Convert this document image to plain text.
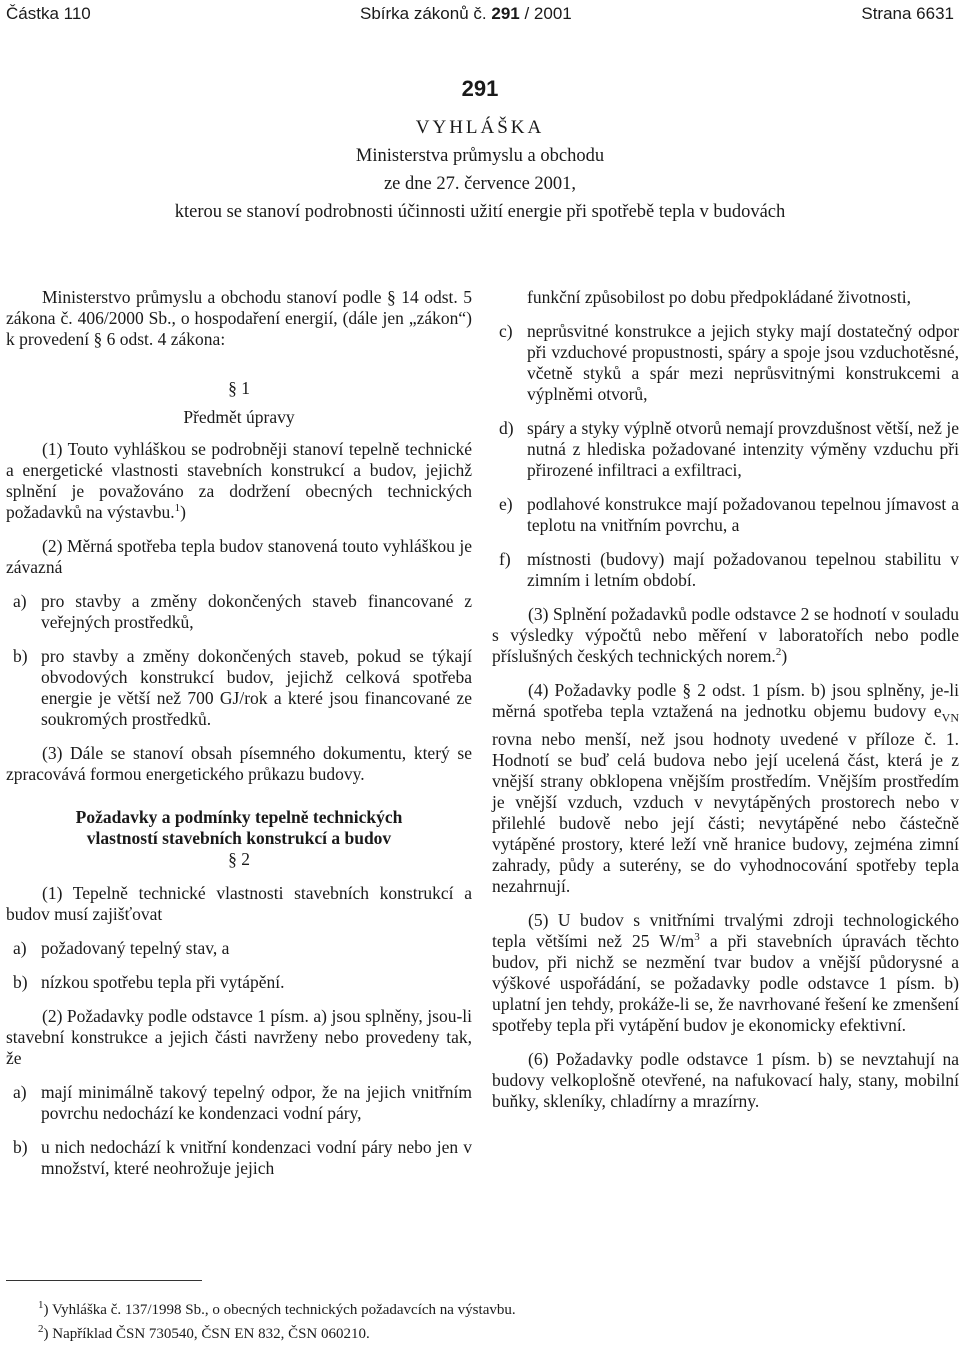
Částka 110	Sbírka zákonů č. 291 / 2001	Strana 6631
291
VYHLÁŠKA
Ministerstva průmyslu a obchodu
ze dne 27. července 2001,
kterou se stanoví podrobnosti účinnosti užití energie při spotřebě tepla v budovách

Ministerstvo průmyslu a obchodu stanoví podle § 14 odst. 5 zákona č. 406/2000 Sb., o hospodaření energií, (dále jen „zákon“) k provedení § 6 odst. 4 zákona:

§ 1

Předmět úpravy

(1) Touto vyhláškou se podrobněji stanoví tepelně technické a energetické vlastnosti stavebních konstrukcí a budov, jejichž splnění je považováno za dodržení obecných technických požadavků na výstavbu.$^1$)

(2) Měrná spotřeba tepla budov stanovená touto vyhláškou je závazná

a) pro stavby a změny dokončených staveb financované z veřejných prostředků,
b) pro stavby a změny dokončených staveb, pokud se týkají obvodových konstrukcí budov, jejichž celková spotřeba energie je větší než 700 GJ/rok a které jsou financované ze soukromých prostředků.

(3) Dále se stanoví obsah písemného dokumentu, který se zpracovává formou energetického průkazu budovy.

Požadavky a podmínky tepelně technických

vlastností stavebních konstrukcí a budov

§ 2

(1) Tepelně technické vlastnosti stavebních konstrukcí a budov musí zajišťovat

a) požadovaný tepelný stav, a
b) nízkou spotřebu tepla při vytápění.

(2) Požadavky podle odstavce 1 písm. a) jsou splněny, jsou-li stavební konstrukce a jejich části navrženy nebo provedeny tak, že

a) mají minimálně takový tepelný odpor, že na jejich vnitřním povrchu nedochází ke kondenzaci vodní páry,
b) u nich nedochází k vnitřní kondenzaci vodní páry nebo jen v množství, které neohrožuje jejich
funkční způsobilost po dobu předpokládané životnosti,
c) neprůsvitné konstrukce a jejich styky mají dostatečný odpor při vzduchové propustnosti, spáry a spoje jsou vzduchotěsné, včetně styků a spár mezi neprůsvitnými konstrukcemi a výplněmi otvorů,
d) spáry a styky výplně otvorů nemají provzdušnost větší, než je nutná z hlediska požadované intenzity výměny vzduchu při přirozené infiltraci a exfiltraci,
e) podlahové konstrukce mají požadovanou tepelnou jímavost a teplotu na vnitřním povrchu, a
f) místnosti (budovy) mají požadovanou tepelnou stabilitu v zimním i letním období.

(3) Splnění požadavků podle odstavce 2 se hodnotí v souladu s výsledky výpočtů nebo měření v laboratořích nebo podle příslušných českých technických norem.$^2$)

(4) Požadavky podle § 2 odst. 1 písm. b) jsou splněny, je-li měrná spotřeba tepla vztažená na jednotku objemu budovy $e_{VN}$ rovna nebo menší, než jsou hodnoty uvedené v příloze č. 1. Hodnotí se buď celá budova nebo její ucelená část, která je z vnější strany obklopena vnějším prostředím. Vnějším prostředím je vnější vzduch, vzduch v nevytápěných prostorech nebo v přilehlé budově nebo její části; nevytápěné nebo částečně vytápěné prostory, které leží vně hranice budovy, zejména zimní zahrady, půdy a suterény, se do vyhodnocování spotřeby tepla nezahrnují.

(5) U budov s vnitřními trvalými zdroji technologického tepla většími než 25 $W/m^3$ a při stavebních úpravách těchto budov, při nichž se nezmění tvar budov a vnější půdorysné a výškové uspořádání, se požadavky podle odstavce 1 písm. b) uplatní jen tehdy, prokáže-li se, že navrhované řešení ke zmenšení spotřeby tepla při vytápění budov je ekonomicky efektivní.

(6) Požadavky podle odstavce 1 písm. b) se nevztahují na budovy velkoplošně otevřené, na nafukovací haly, stany, mobilní buňky, skleníky, chladírny a mrazírny.

$^1$) Vyhláška č. 137/1998 Sb., o obecných technických požadavcích na výstavbu.
$^2$) Například ČSN 730540, ČSN EN 832, ČSN 060210.
